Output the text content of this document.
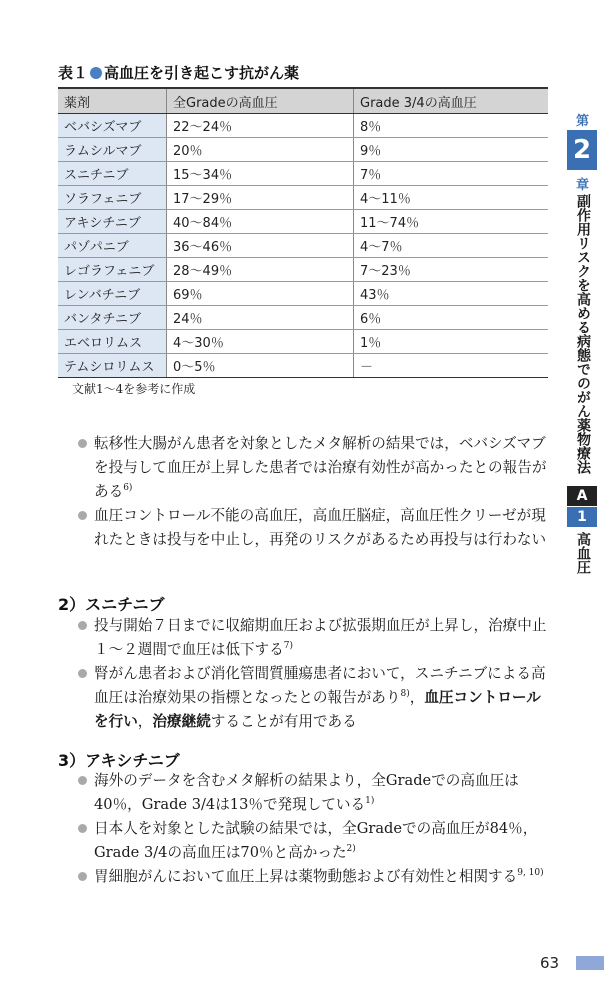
表１ 高血圧を引き起こす抗がん薬
薬剤	全Gradeの高血圧	Grade 3/4の高血圧
ベバシズマブ	22～24％	8％
ラムシルマブ	20％	9％
スニチニブ	15～34％	7％
ソラフェニブ	17～29％	4～11％
アキシチニブ	40～84％	11～74％
パゾパニブ	36～46％	4～7％
レゴラフェニブ	28～49％	7～23％
レンバチニブ	69％	43％
バンタチニブ	24％	6％
エベロリムス	4～30％	1％
テムシロリムス	0～5％	－
文献1～4を参考に作成
転移性大腸がん患者を対象としたメタ解析の結果では，ベバシズマブを投与して血圧が上昇した患者では治療有効性が高かったとの報告がある$^{6)}$
血圧コントロール不能の高血圧，高血圧脳症，高血圧性クリーゼが現れたときは投与を中止し，再発のリスクがあるため再投与は行わない
2）スニチニブ
投与開始７日までに収縮期血圧および拡張期血圧が上昇し，治療中止１～２週間で血圧は低下する$^{7)}$
腎がん患者および消化管間質腫瘍患者において，スニチニブによる高血圧は治療効果の指標となったとの報告があり$^{8)}$，血圧コントロールを行い，治療継続することが有用である
3）アキシチニブ
海外のデータを含むメタ解析の結果より，全Gradeでの高血圧は40％，Grade 3/4は13％で発現している$^{1)}$
日本人を対象とした試験の結果では，全Gradeでの高血圧が84％，Grade 3/4の高血圧は70％と高かった$^{2)}$
胃細胞がんにおいて血圧上昇は薬物動態および有効性と相関する$^{9, 10)}$
第
2
章
副作用リスクを高める病態でのがん薬物療法
A
1
高血圧
63
